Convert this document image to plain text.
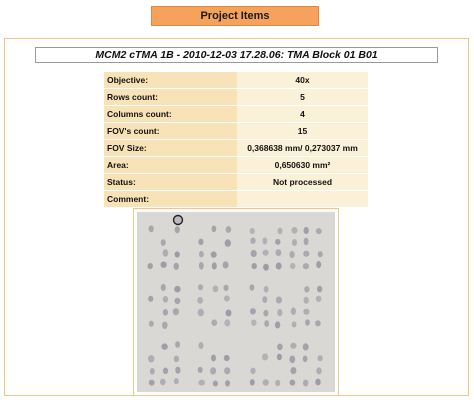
Project Items
MCM2 cTMA 1B - 2010-12-03 17.28.06: TMA Block 01 B01
Objective:	40x
Rows count:	5
Columns count:	4
FOV's count:	15
FOV Size:	0,368638 mm/ 0,273037 mm
Area:	0,650630 mm²
Status:	Not processed
Comment:	
